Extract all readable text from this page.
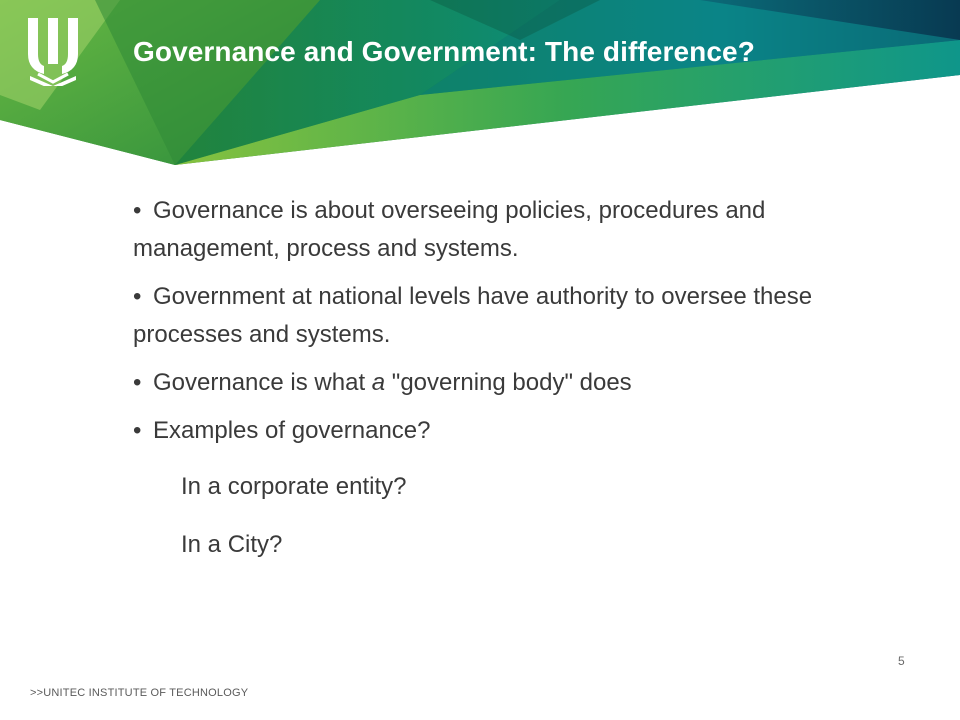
Governance and Government: The difference?
• Governance is about overseeing policies, procedures and management, process and systems.
• Government at national levels have authority to oversee these processes and systems.
• Governance is what a "governing body" does
• Examples of governance?
In a corporate entity?
In a City?
5
>>UNITEC INSTITUTE OF TECHNOLOGY
